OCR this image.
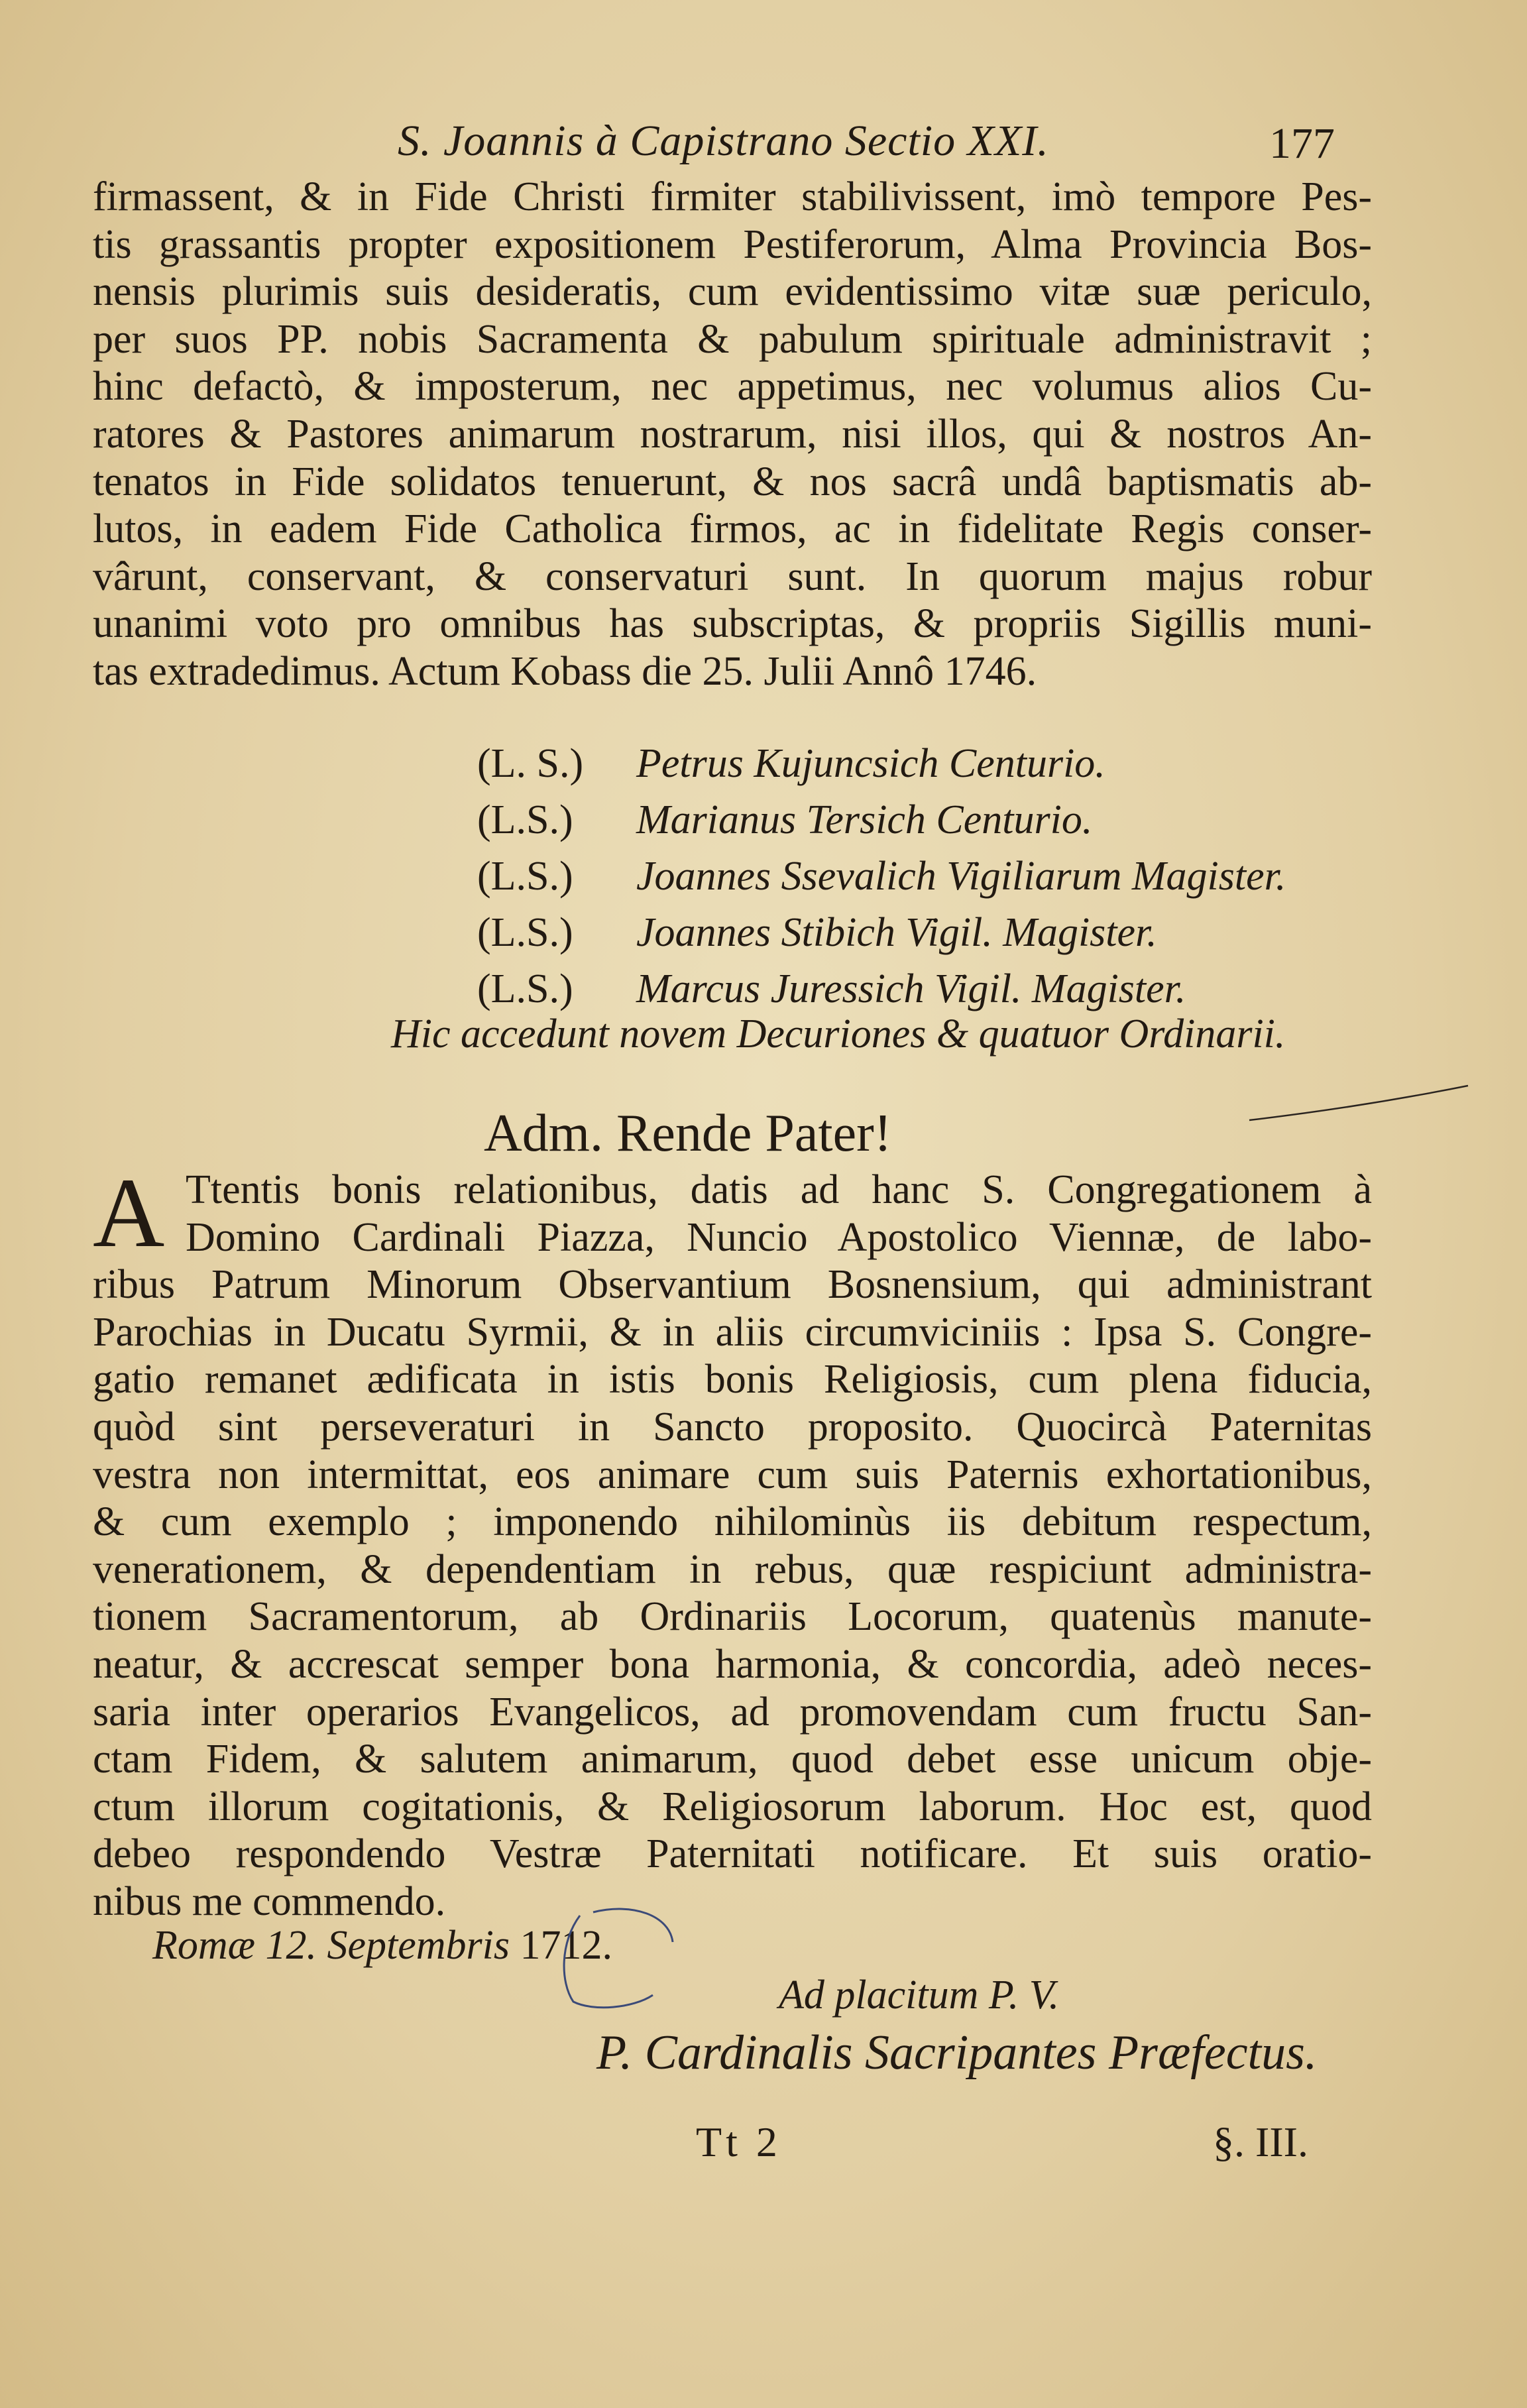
S. Joannis à Capistrano Sectio XXI.	177
firmassent, & in Fide Christi firmiter stabilivissent, imò tempore Pes-
tis grassantis propter expositionem Pestiferorum, Alma Provincia Bos-
nensis plurimis suis desideratis, cum evidentissimo vitæ suæ periculo,
per suos PP. nobis Sacramenta & pabulum spirituale administravit ;
hinc defactò, & imposterum, nec appetimus, nec volumus alios Cu-
ratores & Pastores animarum nostrarum, nisi illos, qui & nostros An-
tenatos in Fide solidatos tenuerunt, & nos sacrâ undâ baptismatis ab-
lutos, in eadem Fide Catholica firmos, ac in fidelitate Regis conser-
vârunt, conservant, & conservaturi sunt. In quorum majus robur
unanimi voto pro omnibus has subscriptas, & propriis Sigillis muni-
tas extradedimus. Actum Kobass die 25. Julii Annô 1746.
(L. S.) Petrus Kujuncsich Centurio.
(L.S.) Marianus Tersich Centurio.
(L.S.) Joannes Ssevalich Vigiliarum Magister.
(L.S.) Joannes Stibich Vigil. Magister.
(L.S.) Marcus Juressich Vigil. Magister.
Hic accedunt novem Decuriones & quatuor Ordinarii.
Adm. Rende Pater!
A Ttentis bonis relationibus, datis ad hanc S. Congregationem à
Domino Cardinali Piazza, Nuncio Apostolico Viennæ, de labo-
ribus Patrum Minorum Observantium Bosnensium, qui administrant
Parochias in Ducatu Syrmii, & in aliis circumviciniis : Ipsa S. Congre-
gatio remanet ædificata in istis bonis Religiosis, cum plena fiducia,
quòd sint perseveraturi in Sancto proposito. Quocircà Paternitas
vestra non intermittat, eos animare cum suis Paternis exhortationibus,
& cum exemplo ; imponendo nihilominùs iis debitum respectum,
venerationem, & dependentiam in rebus, quæ respiciunt administra-
tionem Sacramentorum, ab Ordinariis Locorum, quatenùs manute-
neatur, & accrescat semper bona harmonia, & concordia, adeò neces-
saria inter operarios Evangelicos, ad promovendam cum fructu San-
ctam Fidem, & salutem animarum, quod debet esse unicum obje-
ctum illorum cogitationis, & Religiosorum laborum. Hoc est, quod
debeo respondendo Vestræ Paternitati notificare. Et suis oratio-
nibus me commendo.
Romæ 12. Septembris 1712.
Ad placitum P. V.
P. Cardinalis Sacripantes Præfectus.
Tt 2	§. III.
